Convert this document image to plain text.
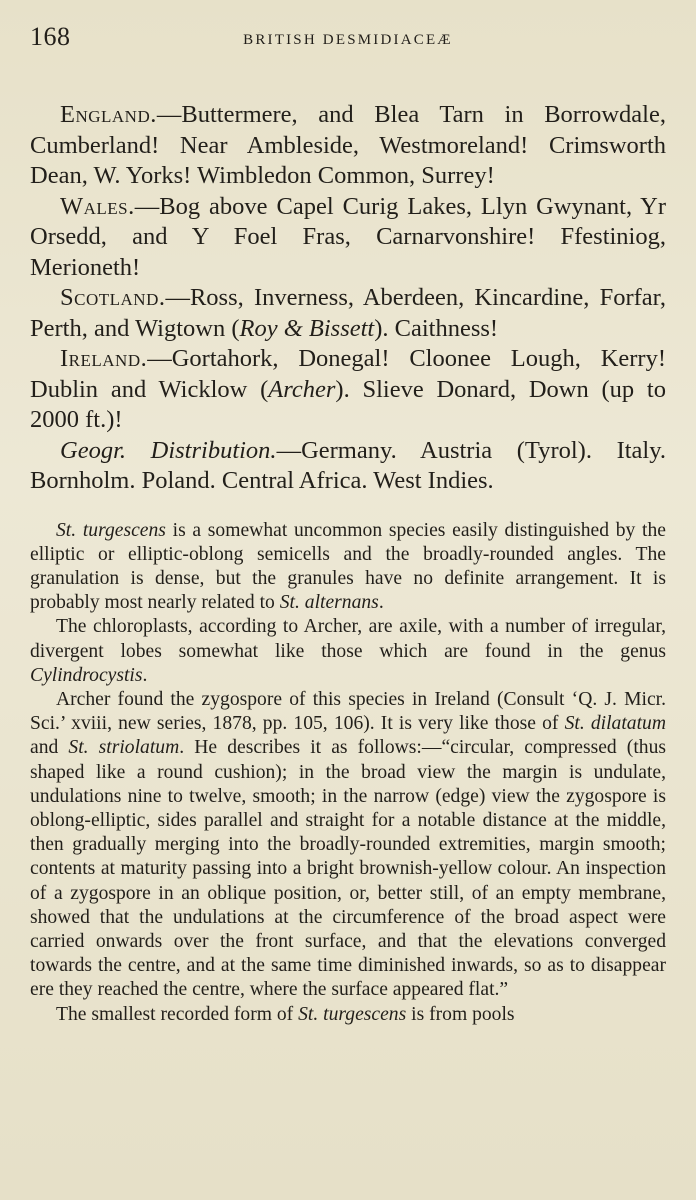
168	BRITISH DESMIDIACEÆ

England.—Buttermere, and Blea Tarn in Borrowdale, Cumberland! Near Ambleside, Westmoreland! Crimsworth Dean, W. Yorks! Wimbledon Common, Surrey!

Wales.—Bog above Capel Curig Lakes, Llyn Gwynant, Yr Orsedd, and Y Foel Fras, Carnarvonshire! Ffestiniog, Merioneth!

Scotland.—Ross, Inverness, Aberdeen, Kincardine, Forfar, Perth, and Wigtown (Roy & Bissett). Caithness!

Ireland.—Gortahork, Donegal! Cloonee Lough, Kerry! Dublin and Wicklow (Archer). Slieve Donard, Down (up to 2000 ft.)!

Geogr. Distribution.—Germany. Austria (Tyrol). Italy. Bornholm. Poland. Central Africa. West Indies.

St. turgescens is a somewhat uncommon species easily distinguished by the elliptic or elliptic-oblong semicells and the broadly-rounded angles. The granulation is dense, but the granules have no definite arrangement. It is probably most nearly related to St. alternans.

The chloroplasts, according to Archer, are axile, with a number of irregular, divergent lobes somewhat like those which are found in the genus Cylindrocystis.

Archer found the zygospore of this species in Ireland (Consult ‘Q. J. Micr. Sci.’ xviii, new series, 1878, pp. 105, 106). It is very like those of St. dilatatum and St. striolatum. He describes it as follows:—“circular, compressed (thus shaped like a round cushion); in the broad view the margin is undulate, undulations nine to twelve, smooth; in the narrow (edge) view the zygospore is oblong-elliptic, sides parallel and straight for a notable distance at the middle, then gradually merging into the broadly-rounded extremities, margin smooth; contents at maturity passing into a bright brownish-yellow colour. An inspection of a zygospore in an oblique position, or, better still, of an empty membrane, showed that the undulations at the circumference of the broad aspect were carried onwards over the front surface, and that the elevations converged towards the centre, and at the same time diminished inwards, so as to disappear ere they reached the centre, where the surface appeared flat.”

The smallest recorded form of St. turgescens is from pools
